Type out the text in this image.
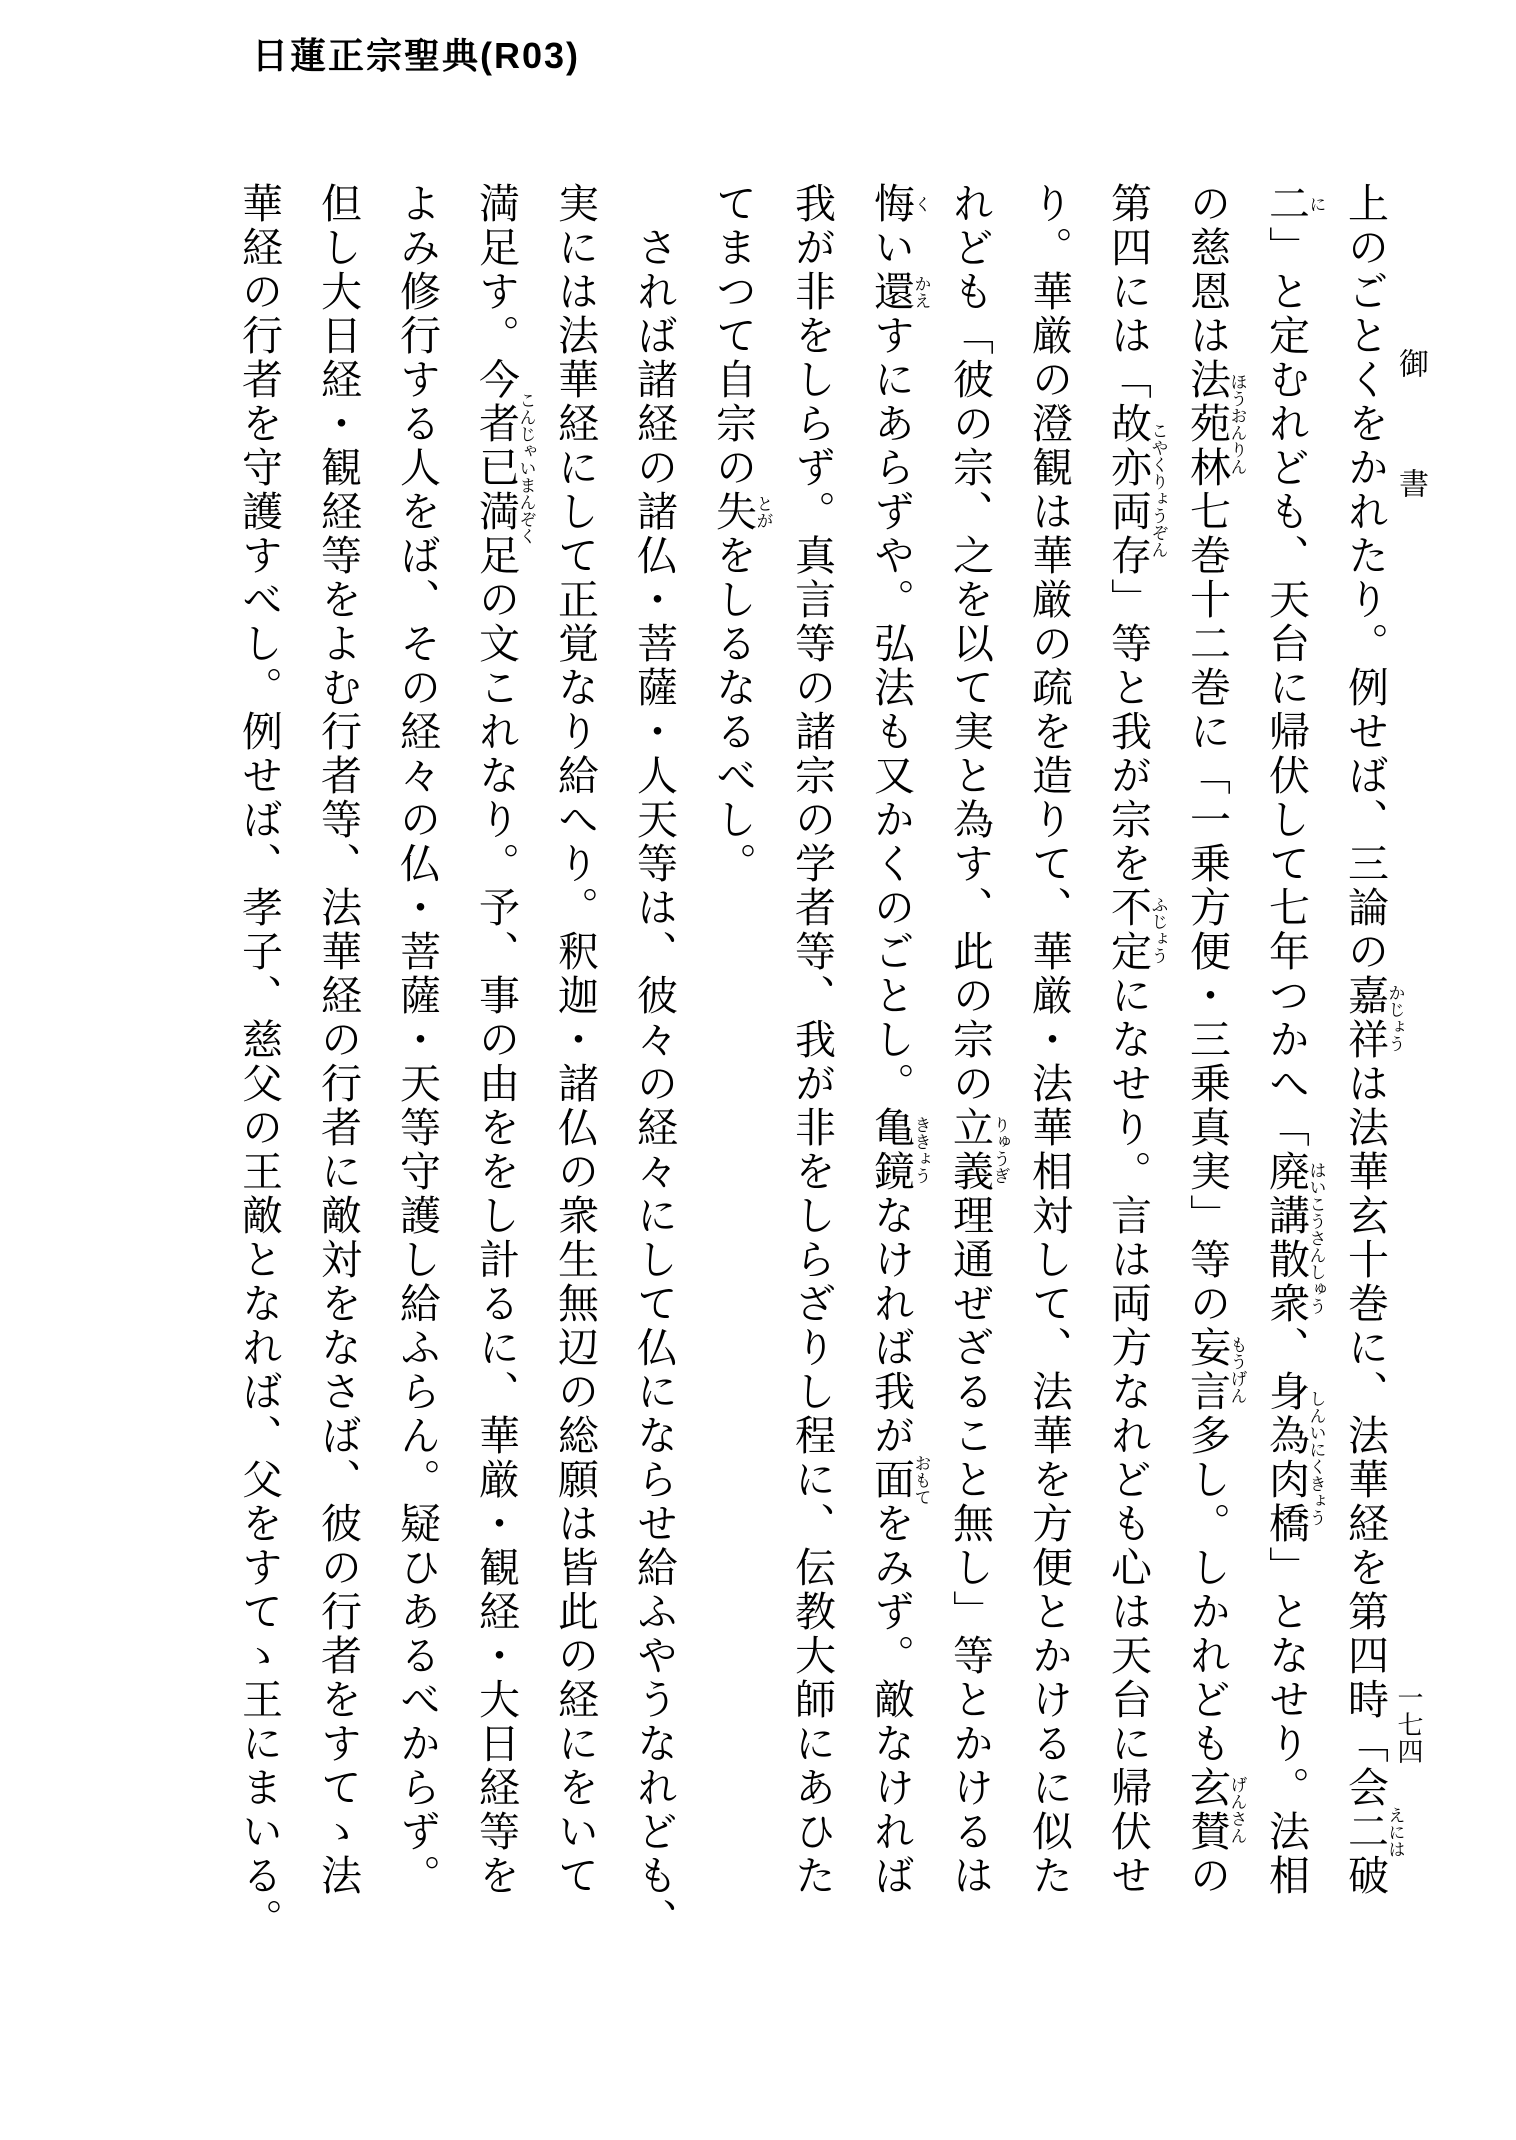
日蓮正宗聖典(R03)
御書
上のごとくをかれたり。例せば、三論の嘉祥かじょうは法華玄十巻に、法華経を第四時「会二破えには
二に」と定むれども、天台に帰伏して七年つかへ「廃講散衆はいこうさんしゅう、身為肉橋しんいにくきょう」となせり。法相
の慈恩は法苑林ほうおんりん七巻十二巻に「一乗方便・三乗真実」等の妄言もうげん多し。しかれども玄賛げんさんの
第四には「故亦両存こやくりょうぞん」等と我が宗を不定ふじょうになせり。言は両方なれども心は天台に帰伏せ
り。華厳の澄観は華厳の疏を造りて、華厳・法華相対して、法華を方便とかけるに似た
れども「彼の宗、之を以て実と為す、此の宗の立義りゅうぎ理通ぜざること無し」等とかけるは
悔くい還かえすにあらずや。弘法も又かくのごとし。亀鏡ききょうなければ我が面おもてをみず。敵なければ
我が非をしらず。真言等の諸宗の学者等、我が非をしらざりし程に、伝教大師にあひた
てまつて自宗の失とがをしるなるべし。
されば諸経の諸仏・菩薩・人天等は、彼々の経々にして仏にならせ給ふやうなれども、
実には法華経にして正覚なり給へり。釈迦・諸仏の衆生無辺の総願は皆此の経にをいて
満足す。今者已満足こんじゃいまんぞくの文これなり。予、事の由ををし計るに、華厳・観経・大日経等を
よみ修行する人をば、その経々の仏・菩薩・天等守護し給ふらん。疑ひあるべからず。
但し大日経・観経等をよむ行者等、法華経の行者に敵対をなさば、彼の行者をすてゝ法
華経の行者を守護すべし。例せば、孝子、慈父の王敵となれば、父をすてゝ王にまいる。	一七四
